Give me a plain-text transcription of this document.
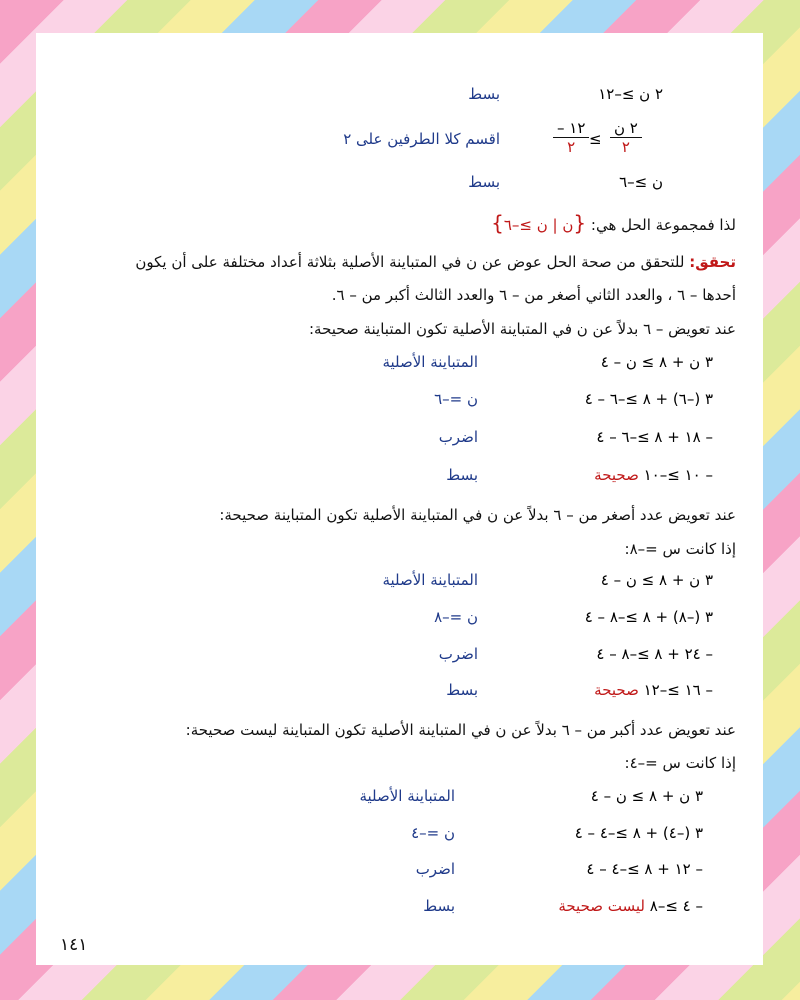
٢ ن ≥–١٢
بسط
٢ ن
٢
≥
– ١٢
٢
اقسم كلا الطرفين على ٢
ن ≥–٦
بسط
لذا فمجموعة الحل هي: {ن | ن ≥–٦}
تحقق: للتحقق من صحة الحل عوض عن ن في المتباينة الأصلية بثلاثة أعداد مختلفة على أن يكون
أحدها – ٦ ، والعدد الثاني أصغر من – ٦ والعدد الثالث أكبر من – ٦.
عند تعويض – ٦ بدلاً عن ن في المتباينة الأصلية تكون المتباينة صحيحة:
٣ ن + ٨ ≥ ن – ٤
المتباينة الأصلية
٣ (–٦) + ٨ ≥–٦ – ٤
ن =–٦
– ١٨ + ٨ ≥–٦ – ٤
اضرب
– ١٠ ≥–١٠ صحيحة
بسط
عند تعويض عدد أصغر من – ٦ بدلاً عن ن في المتباينة الأصلية تكون المتباينة صحيحة:
إذا كانت س =–٨:
٣ ن + ٨ ≥ ن – ٤
المتباينة الأصلية
٣ (–٨) + ٨ ≥–٨ – ٤
ن =–٨
– ٢٤ + ٨ ≥–٨ – ٤
اضرب
– ١٦ ≥–١٢ صحيحة
بسط
عند تعويض عدد أكبر من – ٦ بدلاً عن ن في المتباينة الأصلية تكون المتباينة ليست صحيحة:
إذا كانت س =–٤:
٣ ن + ٨ ≥ ن – ٤
المتباينة الأصلية
٣ (–٤) + ٨ ≥–٤ – ٤
ن =–٤
– ١٢ + ٨ ≥–٤ – ٤
اضرب
– ٤ ≥–٨ ليست صحيحة
بسط
١٤١
